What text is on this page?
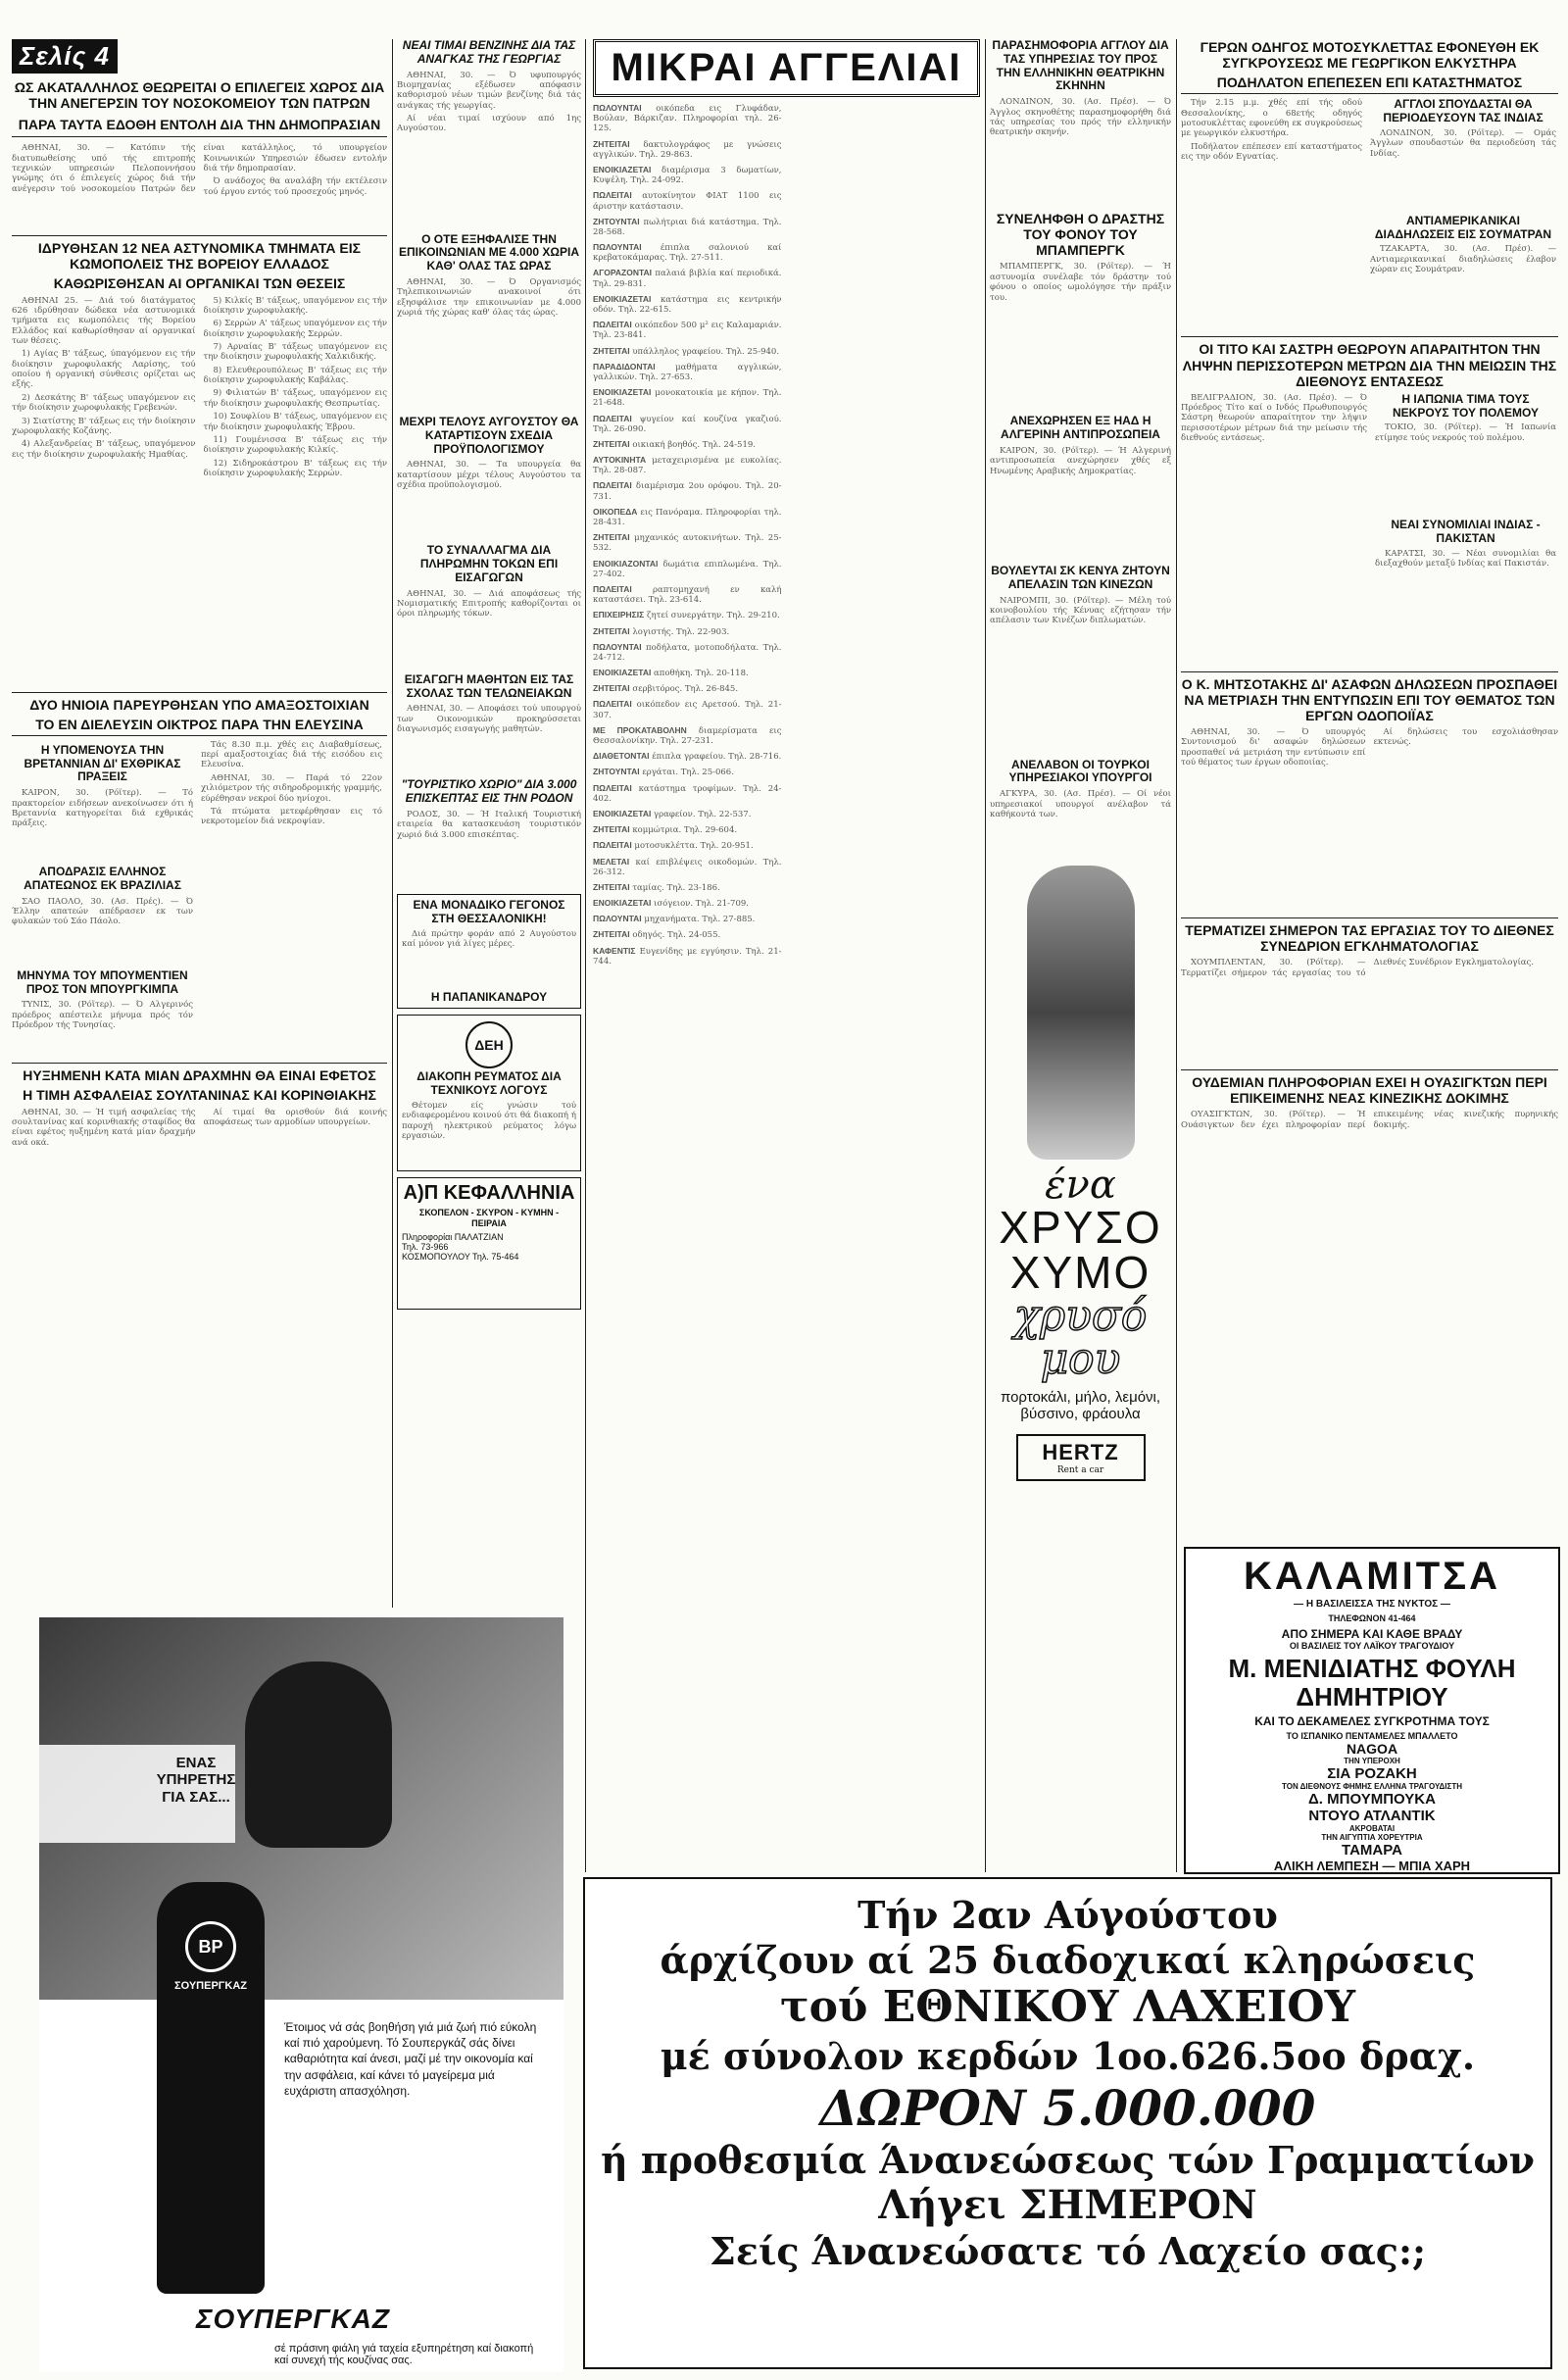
Σελίς 4
ΩΣ ΑΚΑΤΑΛΛΗΛΟΣ ΘΕΩΡΕΙΤΑΙ Ο ΕΠΙΛΕΓΕΙΣ ΧΩΡΟΣ ΔΙΑ ΤΗΝ ΑΝΕΓΕΡΣΙΝ ΤΟΥ ΝΟΣΟΚΟΜΕΙΟΥ ΤΩΝ ΠΑΤΡΩΝ
ΠΑΡΑ ΤΑΥΤΑ ΕΔΟΘΗ ΕΝΤΟΛΗ ΔΙΑ ΤΗΝ ΔΗΜΟΠΡΑΣΙΑΝ

ΑΘΗΝΑΙ, 30. — Κατόπιν τής διατυπωθείσης υπό τής επιτροπής τεχνικών υπηρεσιών Πελοποννήσου γνώμης ότι ό έπιλεγείς χώρος διά τήν ανέγερσιν τού νοσοκομείου Πατρών δεν είναι κατάλληλος, τό υπουργείον Κοινωνικών Υπηρεσιών έδωσεν εντολήν διά τήν δημοπρασίαν.

Ό ανάδοχος θα αναλάβη τήν εκτέλεσιν τού έργου εντός τού προσεχούς μηνός.

ΙΔΡΥΘΗΣΑΝ 12 ΝΕΑ ΑΣΤΥΝΟΜΙΚΑ ΤΜΗΜΑΤΑ ΕΙΣ ΚΩΜΟΠΟΛΕΙΣ ΤΗΣ ΒΟΡΕΙΟΥ ΕΛΛΑΔΟΣ
ΚΑΘΩΡΙΣΘΗΣΑΝ ΑΙ ΟΡΓΑΝΙΚΑΙ ΤΩΝ ΘΕΣΕΙΣ

ΑΘΗΝΑΙ 25. — Διά τού διατάγματος 626 ιδρύθησαν δώδεκα νέα αστυνομικά τμήματα εις κωμοπόλεις τής Βορείου Ελλάδος καί καθωρίσθησαν αί οργανικαί των θέσεις.

1) Αγίας Β' τάξεως, ύπαγόμενον εις τήν διοίκησιν χωροφυλακής Λαρίσης, τού οποίου ή οργανική σύνθεσις ορίζεται ως εξής.

2) Δεσκάτης Β' τάξεως υπαγόμενον εις τήν διοίκησιν χωροφυλακής Γρεβενών.

3) Σιατίστης Β' τάξεως εις τήν διοίκησιν χωροφυλακής Κοζάνης.

4) Αλεξανδρείας Β' τάξεως, υπαγόμενον εις τήν διοίκησιν χωροφυλακής Ημαθίας.

5) Κιλκίς Β' τάξεως, υπαγόμενον εις τήν διοίκησιν χωροφυλακής.

6) Σερρών Α' τάξεως υπαγόμενον εις τήν διοίκησιν χωροφυλακής Σερρών.

7) Αρναίας Β' τάξεως υπαγόμενον εις την διοίκησιν χωροφυλακής Χαλκιδικής.

8) Ελευθερουπόλεως Β' τάξεως εις τήν διοίκησιν χωροφυλακής Καβάλας.

9) Φιλιατών Β' τάξεως, υπαγόμενον εις τήν διοίκησιν χωροφυλακής Θεσπρωτίας.

10) Σουφλίου Β' τάξεως, υπαγόμενον εις τήν διοίκησιν χωροφυλακής Έβρου.

11) Γουμένισσα Β' τάξεως εις τήν διοίκησιν χωροφυλακής Κιλκίς.

12) Σιδηροκάστρου Β' τάξεως εις τήν διοίκησιν χωροφυλακής Σερρών.

ΔΥΟ ΗΝΙΟΙΑ ΠΑΡΕΥΡΘΗΣΑΝ ΥΠΟ ΑΜΑΞΟΣΤΟΙΧΙΑΝ
ΤΟ ΕΝ ΔΙΕΛΕΥΣΙΝ ΟΙΚΤΡΟΣ ΠΑΡΑ ΤΗΝ ΕΛΕΥΣΙΝΑ
Η ΥΠΟΜΕΝΟΥΣΑ ΤΗΝ ΒΡΕΤΑΝΝΙΑΝ ΔΙ' ΕΧΘΡΙΚΑΣ ΠΡΑΞΕΙΣ

ΚΑΪΡΟΝ, 30. (Ρόϊτερ). — Τό πρακτορείον ειδήσεων ανεκοίνωσεν ότι ή Βρεταννία κατηγορείται διά εχθρικάς πράξεις.

ΑΠΟΔΡΑΣΙΣ ΕΛΛΗΝΟΣ ΑΠΑΤΕΩΝΟΣ ΕΚ ΒΡΑΖΙΛΙΑΣ

ΣΑΟ ΠΑΟΛΟ, 30. (Ασ. Πρές). — Ό Έλλην απατεών απέδρασεν εκ των φυλακών τού Σάο Πάολο.

ΜΗΝΥΜΑ ΤΟΥ ΜΠΟΥΜΕΝΤΙΕΝ ΠΡΟΣ ΤΟΝ ΜΠΟΥΡΓΚΙΜΠΑ

ΤΥΝΙΣ, 30. (Ρόϊτερ). — Ό Αλγερινός πρόεδρος απέστειλε μήνυμα πρός τόν Πρόεδρον τής Τυνησίας.

Τάς 8.30 π.μ. χθές εις Διαβαθμίσεως, περί αμαξοστοιχίας διά τής εισόδου εις Ελευσίνα.

ΑΘΗΝΑΙ, 30. — Παρά τό 22ον χιλιόμετρον τής σιδηροδρομικής γραμμής, εύρέθησαν νεκροί δύο ηνίοχοι.

Τά πτώματα μετεφέρθησαν εις τό νεκροτομείον διά νεκροψίαν.

ΗΥΞΗΜΕΝΗ ΚΑΤΑ ΜΙΑΝ ΔΡΑΧΜΗΝ ΘΑ ΕΙΝΑΙ ΕΦΕΤΟΣ
Η ΤΙΜΗ ΑΣΦΑΛΕΙΑΣ ΣΟΥΛΤΑΝΙΝΑΣ ΚΑΙ ΚΟΡΙΝΘΙΑΚΗΣ

ΑΘΗΝΑΙ, 30. — Ή τιμή ασφαλείας τής σουλτανίνας καί κορινθιακής σταφίδος θα είναι εφέτος ηυξημένη κατά μίαν δραχμήν ανά οκά.

Αί τιμαί θα ορισθούν διά κοινής αποφάσεως των αρμοδίων υπουργείων.

ΝΕΑΙ ΤΙΜΑΙ ΒΕΝΖΙΝΗΣ ΔΙΑ ΤΑΣ ΑΝΑΓΚΑΣ ΤΗΣ ΓΕΩΡΓΙΑΣ

ΑΘΗΝΑΙ, 30. — Ό υφυπουργός Βιομηχανίας εξέδωσεν απόφασιν καθορισμού νέων τιμών βενζίνης διά τάς ανάγκας τής γεωργίας.

Αί νέαι τιμαί ισχύουν από 1ης Αυγούστου.

Ο ΟΤΕ ΕΞΗΦΑΛΙΣΕ ΤΗΝ ΕΠΙΚΟΙΝΩΝΙΑΝ ΜΕ 4.000 ΧΩΡΙΑ ΚΑΘ' ΟΛΑΣ ΤΑΣ ΩΡΑΣ

ΑΘΗΝΑΙ, 30. — Ό Οργανισμός Τηλεπικοινωνιών ανακοινοί ότι εξησφάλισε την επικοινωνίαν με 4.000 χωριά τής χώρας καθ' όλας τάς ώρας.

ΜΕΧΡΙ ΤΕΛΟΥΣ ΑΥΓΟΥΣΤΟΥ ΘΑ ΚΑΤΑΡΤΙΣΟΥΝ ΣΧΕΔΙΑ ΠΡΟΫΠΟΛΟΓΙΣΜΟΥ

ΑΘΗΝΑΙ, 30. — Τα υπουργεία θα καταρτίσουν μέχρι τέλους Αυγούστου τα σχέδια προϋπολογισμού.

ΤΟ ΣΥΝΑΛΛΑΓΜΑ ΔΙΑ ΠΛΗΡΩΜΗΝ ΤΟΚΩΝ ΕΠΙ ΕΙΣΑΓΩΓΩΝ

ΑΘΗΝΑΙ, 30. — Διά αποφάσεως τής Νομισματικής Επιτροπής καθορίζονται οι όροι πληρωμής τόκων.

ΕΙΣΑΓΩΓΗ ΜΑΘΗΤΩΝ ΕΙΣ ΤΑΣ ΣΧΟΛΑΣ ΤΩΝ ΤΕΛΩΝΕΙΑΚΩΝ

ΑΘΗΝΑΙ, 30. — Αποφάσει τού υπουργού των Οικονομικών προκηρύσσεται διαγωνισμός εισαγωγής μαθητών.

"ΤΟΥΡΙΣΤΙΚΟ ΧΩΡΙΟ" ΔΙΑ 3.000 ΕΠΙΣΚΕΠΤΑΣ ΕΙΣ ΤΗΝ ΡΟΔΟΝ

ΡΟΔΟΣ, 30. — Ή Ιταλική Τουριστική εταιρεία θα κατασκευάση τουριστικόν χωριό διά 3.000 επισκέπτας.

ΕΝΑ ΜΟΝΑΔΙΚΟ ΓΕΓΟΝΟΣ ΣΤΗ ΘΕΣΣΑΛΟΝΙΚΗ!

Διά πρώτην φοράν από 2 Αυγούστου καί μόνον γιά λίγες μέρες.

Η ΠΑΠΑΝΙΚΑΝΔΡΟΥ
ΔΕΗ
ΔΙΑΚΟΠΗ ΡΕΥΜΑΤΟΣ ΔΙΑ ΤΕΧΝΙΚΟΥΣ ΛΟΓΟΥΣ

Θέτομεν είς γνώσιν τού ενδιαφερομένου κοινού ότι θά διακοπή ή παροχή ηλεκτρικού ρεύματος λόγω εργασιών.

Α)Π ΚΕΦΑΛΛΗΝΙΑ
ΣΚΟΠΕΛΟΝ - ΣΚΥΡΟΝ - ΚΥΜΗΝ - ΠΕΙΡΑΙΑ
Πληροφορίαι ΠΑΛΑΤΖΙΑΝ
Τηλ. 73-966
ΚΟΣΜΟΠΟΥΛΟΥ Τηλ. 75-464
ΕΝΑΣ ΥΠΗΡΕΤΗΣ ΓΙΑ ΣΑΣ...
BP
ΣΟΥΠΕΡΓΚΑΖ
Έτοιμος νά σάς βοηθήση γιά μιά ζωή πιό εύκολη καί πιό χαρούμενη. Τό Σουπεργκάζ σάς δίνει καθαριότητα καί άνεσι, μαζί μέ την οικονομία καί την ασφάλεια, καί κάνει τό μαγείρεμα μιά ευχάριστη απασχόληση.
ΣΟΥΠΕΡΓΚΑΖ
σέ πράσινη φιάλη γιά ταχεία εξυπηρέτηση καί διακοπή καί συνεχή τής κουζίνας σας.
ΜΙΚΡΑΙ ΑΓΓΕΛΙΑΙ
ΠΩΛΟΥΝΤΑΙ οικόπεδα εις Γλυφάδαν, Βούλαν, Βάρκιζαν. Πληροφορίαι τηλ. 26-125.
ΖΗΤΕΙΤΑΙ δακτυλογράφος με γνώσεις αγγλικών. Τηλ. 29-863.
ΕΝΟΙΚΙΑΖΕΤΑΙ διαμέρισμα 3 δωματίων, Κυψέλη. Τηλ. 24-092.
ΠΩΛΕΙΤΑΙ αυτοκίνητον ΦΙΑΤ 1100 εις άριστην κατάστασιν.
ΖΗΤΟΥΝΤΑΙ πωλήτριαι διά κατάστημα. Τηλ. 28-568.
ΠΩΛΟΥΝΤΑΙ έπιπλα σαλονιού καί κρεβατοκάμαρας. Τηλ. 27-511.
ΑΓΟΡΑΖΟΝΤΑΙ παλαιά βιβλία καί περιοδικά. Τηλ. 29-831.
ΕΝΟΙΚΙΑΖΕΤΑΙ κατάστημα εις κεντρικήν οδόν. Τηλ. 22-615.
ΠΩΛΕΙΤΑΙ οικόπεδον 500 μ² εις Καλαμαριάν. Τηλ. 23-841.
ΖΗΤΕΙΤΑΙ υπάλληλος γραφείου. Τηλ. 25-940.
ΠΑΡΑΔΙΔΟΝΤΑΙ μαθήματα αγγλικών, γαλλικών. Τηλ. 27-653.
ΕΝΟΙΚΙΑΖΕΤΑΙ μονοκατοικία με κήπον. Τηλ. 21-648.
ΠΩΛΕΙΤΑΙ ψυγείον καί κουζίνα γκαζιού. Τηλ. 26-090.
ΖΗΤΕΙΤΑΙ οικιακή βοηθός. Τηλ. 24-519.
ΑΥΤΟΚΙΝΗΤΑ μεταχειρισμένα με ευκολίας. Τηλ. 28-087.
ΠΩΛΕΙΤΑΙ διαμέρισμα 2ου ορόφου. Τηλ. 20-731.
ΟΙΚΟΠΕΔΑ εις Πανόραμα. Πληροφορίαι τηλ. 28-431.
ΖΗΤΕΙΤΑΙ μηχανικός αυτοκινήτων. Τηλ. 25-532.
ΕΝΟΙΚΙΑΖΟΝΤΑΙ δωμάτια επιπλωμένα. Τηλ. 27-402.
ΠΩΛΕΙΤΑΙ ραπτομηχανή εν καλή καταστάσει. Τηλ. 23-614.
ΕΠΙΧΕΙΡΗΣΙΣ ζητεί συνεργάτην. Τηλ. 29-210.
ΖΗΤΕΙΤΑΙ λογιστής. Τηλ. 22-903.
ΠΩΛΟΥΝΤΑΙ ποδήλατα, μοτοποδήλατα. Τηλ. 24-712.
ΕΝΟΙΚΙΑΖΕΤΑΙ αποθήκη. Τηλ. 20-118.
ΖΗΤΕΙΤΑΙ σερβιτόρος. Τηλ. 26-845.
ΠΩΛΕΙΤΑΙ οικόπεδον εις Αρετσού. Τηλ. 21-307.
ΜΕ ΠΡΟΚΑΤΑΒΟΛΗΝ διαμερίσματα εις Θεσσαλονίκην. Τηλ. 27-231.
ΔΙΑΘΕΤΟΝΤΑΙ έπιπλα γραφείου. Τηλ. 28-716.
ΖΗΤΟΥΝΤΑΙ εργάται. Τηλ. 25-066.
ΠΩΛΕΙΤΑΙ κατάστημα τροφίμων. Τηλ. 24-402.
ΕΝΟΙΚΙΑΖΕΤΑΙ γραφείον. Τηλ. 22-537.
ΖΗΤΕΙΤΑΙ κομμώτρια. Τηλ. 29-604.
ΠΩΛΕΙΤΑΙ μοτοσυκλέττα. Τηλ. 20-951.
ΜΕΛΕΤΑΙ καί επιβλέψεις οικοδομών. Τηλ. 26-312.
ΖΗΤΕΙΤΑΙ ταμίας. Τηλ. 23-186.
ΕΝΟΙΚΙΑΖΕΤΑΙ ισόγειον. Τηλ. 21-709.
ΠΩΛΟΥΝΤΑΙ μηχανήματα. Τηλ. 27-885.
ΖΗΤΕΙΤΑΙ οδηγός. Τηλ. 24-055.
ΚΑΦΕΝΤΙΣ Ευγενίδης με εγγύησιν. Τηλ. 21-744.
ΠΑΡΑΣΗΜΟΦΟΡΙΑ ΑΓΓΛΟΥ ΔΙΑ ΤΑΣ ΥΠΗΡΕΣΙΑΣ ΤΟΥ ΠΡΟΣ ΤΗΝ ΕΛΛΗΝΙΚΗΝ ΘΕΑΤΡΙΚΗΝ ΣΚΗΝΗΝ

ΛΟΝΔΙΝΟΝ, 30. (Ασ. Πρέσ). — Ό Άγγλος σκηνοθέτης παρασημοφορήθη διά τάς υπηρεσίας του πρός τήν ελληνικήν θεατρικήν σκηνήν.

ΣΥΝΕΛΗΦΘΗ Ο ΔΡΑΣΤΗΣ ΤΟΥ ΦΟΝΟΥ ΤΟΥ ΜΠΑΜΠΕΡΓΚ

ΜΠΑΜΠΕΡΓΚ, 30. (Ρόϊτερ). — Ή αστυνομία συνέλαβε τόν δράστην τού φόνου ο οποίος ωμολόγησε τήν πράξιν του.

ΑΝΕΧΩΡΗΣΕΝ ΕΞ ΗΑΔ Η ΑΛΓΕΡΙΝΗ ΑΝΤΙΠΡΟΣΩΠΕΙΑ

ΚΑΪΡΟΝ, 30. (Ρόϊτερ). — Ή Αλγερινή αντιπροσωπεία ανεχώρησεν χθές εξ Ηνωμένης Αραβικής Δημοκρατίας.

ΒΟΥΛΕΥΤΑΙ ΣΚ ΚΕΝΥΑ ΖΗΤΟΥΝ ΑΠΕΛΑΣΙΝ ΤΩΝ ΚΙΝΕΖΩΝ

ΝΑΪΡΟΜΠΙ, 30. (Ρόϊτερ). — Μέλη τού κοινοβουλίου τής Κένυας εζήτησαν τήν απέλασιν των Κινέζων διπλωματών.

ΑΝΕΛΑΒΟΝ ΟΙ ΤΟΥΡΚΟΙ ΥΠΗΡΕΣΙΑΚΟΙ ΥΠΟΥΡΓΟΙ

ΑΓΚΥΡΑ, 30. (Ασ. Πρέσ). — Οί νέοι υπηρεσιακοί υπουργοί ανέλαβον τά καθήκοντά των.

ένα
ΧΡΥΣΟ
ΧΥΜΟ
χρυσό
μου
πορτοκάλι, μήλο, λεμόνι, βύσσινο, φράουλα
HERTZ
Rent a car
ΓΕΡΩΝ ΟΔΗΓΟΣ ΜΟΤΟΣΥΚΛΕΤΤΑΣ ΕΦΟΝΕΥΘΗ ΕΚ ΣΥΓΚΡΟΥΣΕΩΣ ΜΕ ΓΕΩΡΓΙΚΟΝ ΕΛΚΥΣΤΗΡΑ
ΠΟΔΗΛΑΤΟΝ ΕΠΕΠΕΣΕΝ ΕΠΙ ΚΑΤΑΣΤΗΜΑΤΟΣ

Τήν 2.15 μ.μ. χθές επί τής οδού Θεσσαλονίκης, ο 68ετής οδηγός μοτοσυκλέττας εφονεύθη εκ συγκρούσεως με γεωργικόν ελκυστήρα.

Ποδήλατον επέπεσεν επί καταστήματος εις την οδόν Εγνατίας.

ΑΓΓΛΟΙ ΣΠΟΥΔΑΣΤΑΙ ΘΑ ΠΕΡΙΟΔΕΥΣΟΥΝ ΤΑΣ ΙΝΔΙΑΣ

ΛΟΝΔΙΝΟΝ, 30. (Ρόϊτερ). — Ομάς Άγγλων σπουδαστών θα περιοδεύση τάς Ινδίας.

ΑΝΤΙΑΜΕΡΙΚΑΝΙΚΑΙ ΔΙΑΔΗΛΩΣΕΙΣ ΕΙΣ ΣΟΥΜΑΤΡΑΝ

ΤΖΑΚΑΡΤΑ, 30. (Ασ. Πρέσ). — Αντιαμερικανικαί διαδηλώσεις έλαβον χώραν εις Σουμάτραν.

ΟΙ ΤΙΤΟ ΚΑΙ ΣΑΣΤΡΗ ΘΕΩΡΟΥΝ ΑΠΑΡΑΙΤΗΤΟΝ ΤΗΝ ΛΗΨΗΝ ΠΕΡΙΣΣΟΤΕΡΩΝ ΜΕΤΡΩΝ ΔΙΑ ΤΗΝ ΜΕΙΩΣΙΝ ΤΗΣ ΔΙΕΘΝΟΥΣ ΕΝΤΑΣΕΩΣ

ΒΕΛΙΓΡΑΔΙΟΝ, 30. (Ασ. Πρέσ). — Ό Πρόεδρος Τίτο καί ο Ινδός Πρωθυπουργός Σάστρη θεωρούν απαραίτητον την λήψιν περισσοτέρων μέτρων διά την μείωσιν τής διεθνούς εντάσεως.

Η ΙΑΠΩΝΙΑ ΤΙΜΑ ΤΟΥΣ ΝΕΚΡΟΥΣ ΤΟΥ ΠΟΛΕΜΟΥ

ΤΟΚΙΟ, 30. (Ρόϊτερ). — Ή Ιαπωνία ετίμησε τούς νεκρούς τού πολέμου.

ΝΕΑΙ ΣΥΝΟΜΙΛΙΑΙ ΙΝΔΙΑΣ - ΠΑΚΙΣΤΑΝ

ΚΑΡΑΤΣΙ, 30. — Νέαι συνομιλίαι θα διεξαχθούν μεταξύ Ινδίας καί Πακιστάν.

Ο Κ. ΜΗΤΣΟΤΑΚΗΣ ΔΙ' ΑΣΑΦΩΝ ΔΗΛΩΣΕΩΝ ΠΡΟΣΠΑΘΕΙ ΝΑ ΜΕΤΡΙΑΣΗ ΤΗΝ ΕΝΤΥΠΩΣΙΝ ΕΠΙ ΤΟΥ ΘΕΜΑΤΟΣ ΤΩΝ ΕΡΓΩΝ ΟΔΟΠΟΙΪΑΣ

ΑΘΗΝΑΙ, 30. — Ό υπουργός Συντονισμού δι' ασαφών δηλώσεων προσπαθεί νά μετριάση την εντύπωσιν επί τού θέματος των έργων οδοποιίας.

Αί δηλώσεις του εσχολιάσθησαν εκτενώς.

ΤΕΡΜΑΤΙΖΕΙ ΣΗΜΕΡΟΝ ΤΑΣ ΕΡΓΑΣΙΑΣ ΤΟΥ ΤΟ ΔΙΕΘΝΕΣ ΣΥΝΕΔΡΙΟΝ ΕΓΚΛΗΜΑΤΟΛΟΓΙΑΣ

ΧΟΥΜΠΛΕΝΤΑΝ, 30. (Ρόϊτερ). — Τερματίζει σήμερον τάς εργασίας του τό Διεθνές Συνέδριον Εγκληματολογίας.

ΟΥΔΕΜΙΑΝ ΠΛΗΡΟΦΟΡΙΑΝ ΕΧΕΙ Η ΟΥΑΣΙΓΚΤΩΝ ΠΕΡΙ ΕΠΙΚΕΙΜΕΝΗΣ ΝΕΑΣ ΚΙΝΕΖΙΚΗΣ ΔΟΚΙΜΗΣ

ΟΥΑΣΙΓΚΤΩΝ, 30. (Ρόϊτερ). — Ή Ουάσιγκτων δεν έχει πληροφορίαν περί επικειμένης νέας κινεζικής πυρηνικής δοκιμής.

ΚΑΛΑΜΙΤΣΑ
— Η ΒΑΣΙΛΕΙΣΣΑ ΤΗΣ ΝΥΚΤΟΣ —
ΤΗΛΕΦΩΝΟΝ 41-464
ΑΠΟ ΣΗΜΕΡΑ ΚΑΙ ΚΑΘΕ ΒΡΑΔΥ
ΟΙ ΒΑΣΙΛΕΙΣ ΤΟΥ ΛΑΪΚΟΥ ΤΡΑΓΟΥΔΙΟΥ
Μ. ΜΕΝΙΔΙΑΤΗΣ ΦΟΥΛΗ ΔΗΜΗΤΡΙΟΥ
ΚΑΙ ΤΟ ΔΕΚΑΜΕΛΕΣ ΣΥΓΚΡΟΤΗΜΑ ΤΟΥΣ
ΤΟ ΙΣΠΑΝΙΚΟ ΠΕΝΤΑΜΕΛΕΣ ΜΠΑΛΛΕΤΟ
NAGOA
ΤΗΝ ΥΠΕΡΟΧΗ
ΣΙΑ ΡΟΖΑΚΗ
ΤΟΝ ΔΙΕΘΝΟΥΣ ΦΗΜΗΣ ΕΛΛΗΝΑ ΤΡΑΓΟΥΔΙΣΤΗ
Δ. ΜΠΟΥΜΠΟΥΚΑ
ΝΤΟΥΟ ΑΤΛΑΝΤΙΚ
ΑΚΡΟΒΑΤΑΙ
ΤΗΝ ΑΙΓΥΠΤΙΑ ΧΟΡΕΥΤΡΙΑ
ΤΑΜΑΡΑ
ΑΛΙΚΗ ΛΕΜΠΕΣΗ — ΜΠΙΑ ΧΑΡΗ
Τήν 2αν Αύγούστου
άρχίζουν αί 25 διαδοχικαί κληρώσεις
τού ΕΘΝΙΚΟΥ ΛΑΧΕΙΟΥ
μέ σύνολον κερδών 1οο.626.5οο δραχ.
ΔΩΡΟΝ 5.000.000
ή προθεσμία Άνανεώσεως τών Γραμματίων
Λήγει ΣΗΜΕΡΟΝ
Σείς Άνανεώσατε τό Λαχείο σας:;
